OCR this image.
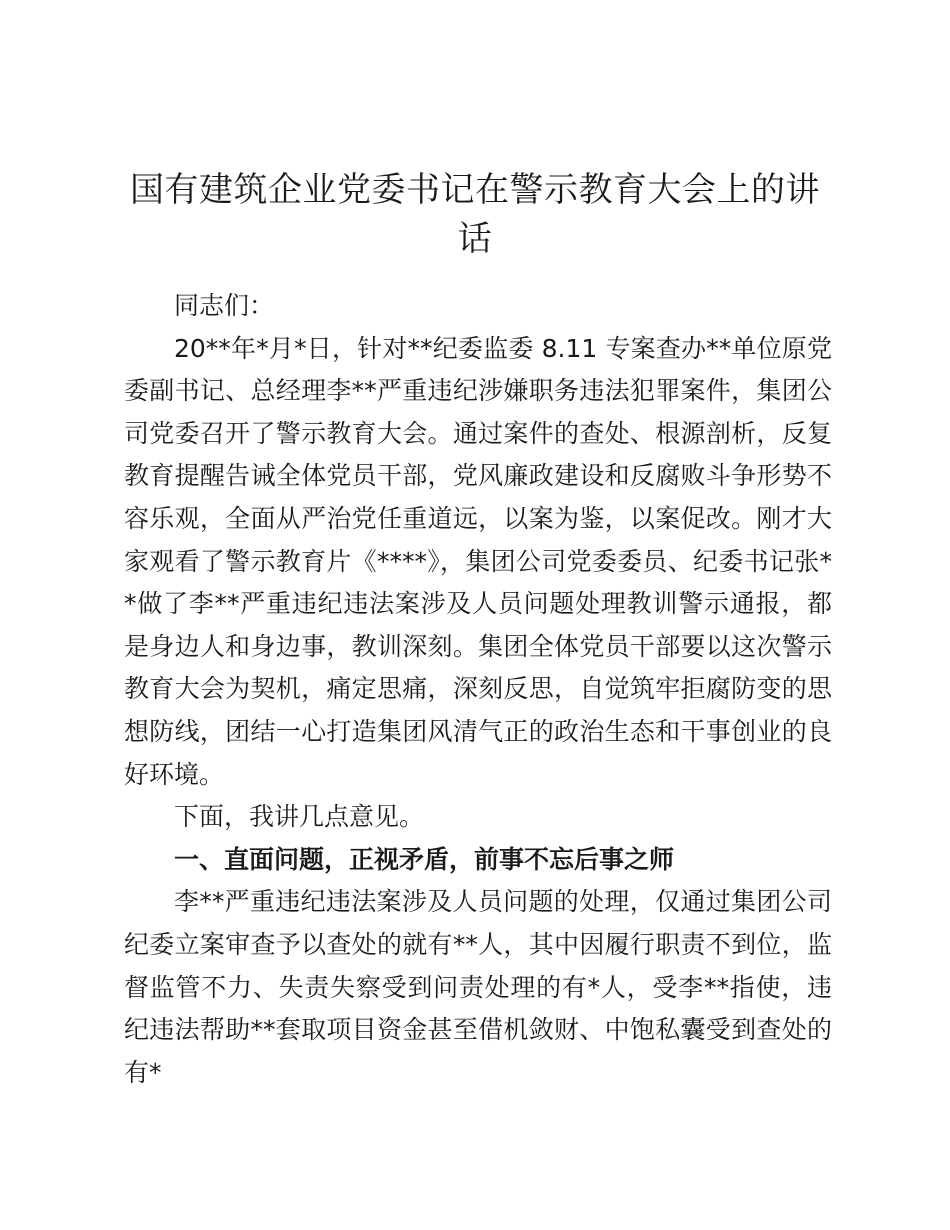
国有建筑企业党委书记在警示教育大会上的讲话

同志们：

20**年*月*日，针对**纪委监委 8.11 专案查办**单位原党委副书记、总经理李**严重违纪涉嫌职务违法犯罪案件，集团公司党委召开了警示教育大会。通过案件的查处、根源剖析，反复教育提醒告诫全体党员干部，党风廉政建设和反腐败斗争形势不容乐观，全面从严治党任重道远，以案为鉴，以案促改。刚才大家观看了警示教育片《****》，集团公司党委委员、纪委书记张**做了李**严重违纪违法案涉及人员问题处理教训警示通报，都是身边人和身边事，教训深刻。集团全体党员干部要以这次警示教育大会为契机，痛定思痛，深刻反思，自觉筑牢拒腐防变的思想防线，团结一心打造集团风清气正的政治生态和干事创业的良好环境。

下面，我讲几点意见。

一、直面问题，正视矛盾，前事不忘后事之师

李**严重违纪违法案涉及人员问题的处理，仅通过集团公司纪委立案审查予以查处的就有**人，其中因履行职责不到位，监督监管不力、失责失察受到问责处理的有*人，受李**指使，违纪违法帮助**套取项目资金甚至借机敛财、中饱私囊受到查处的有*
